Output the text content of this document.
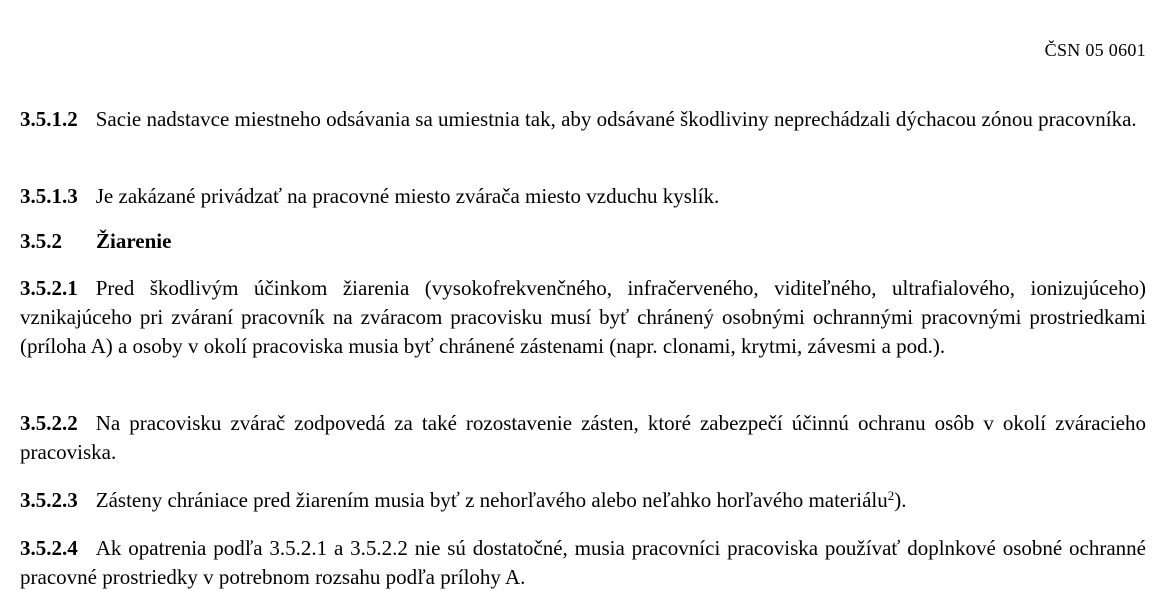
ČSN 05 0601
3.5.1.2 Sacie nadstavce miestneho odsávania sa umiestnia tak, aby odsávané škodliviny neprechádzali dýchacou zónou pracovníka.
3.5.1.3 Je zakázané privádzať na pracovné miesto zvárača miesto vzduchu kyslík.
3.5.2 Žiarenie
3.5.2.1 Pred škodlivým účinkom žiarenia (vysokofrekvenčného, infračerveného, viditeľného, ultrafialového, ionizujúceho) vznikajúceho pri zváraní pracovník na zváracom pracovisku musí byť chránený osobnými ochrannými pracovnými prostriedkami (príloha A) a osoby v okolí pracoviska musia byť chránené zástenami (napr. clonami, krytmi, závesmi a pod.).
3.5.2.2 Na pracovisku zvárač zodpovedá za také rozostavenie zásten, ktoré zabezpečí účinnú ochranu osôb v okolí zváracieho pracoviska.
3.5.2.3 Zásteny chrániace pred žiarením musia byť z nehorľavého alebo neľahko horľavého materiálu$^2$).
3.5.2.4 Ak opatrenia podľa 3.5.2.1 a 3.5.2.2 nie sú dostatočné, musia pracovníci pracoviska používať doplnkové osobné ochranné pracovné prostriedky v potrebnom rozsahu podľa prílohy A.
